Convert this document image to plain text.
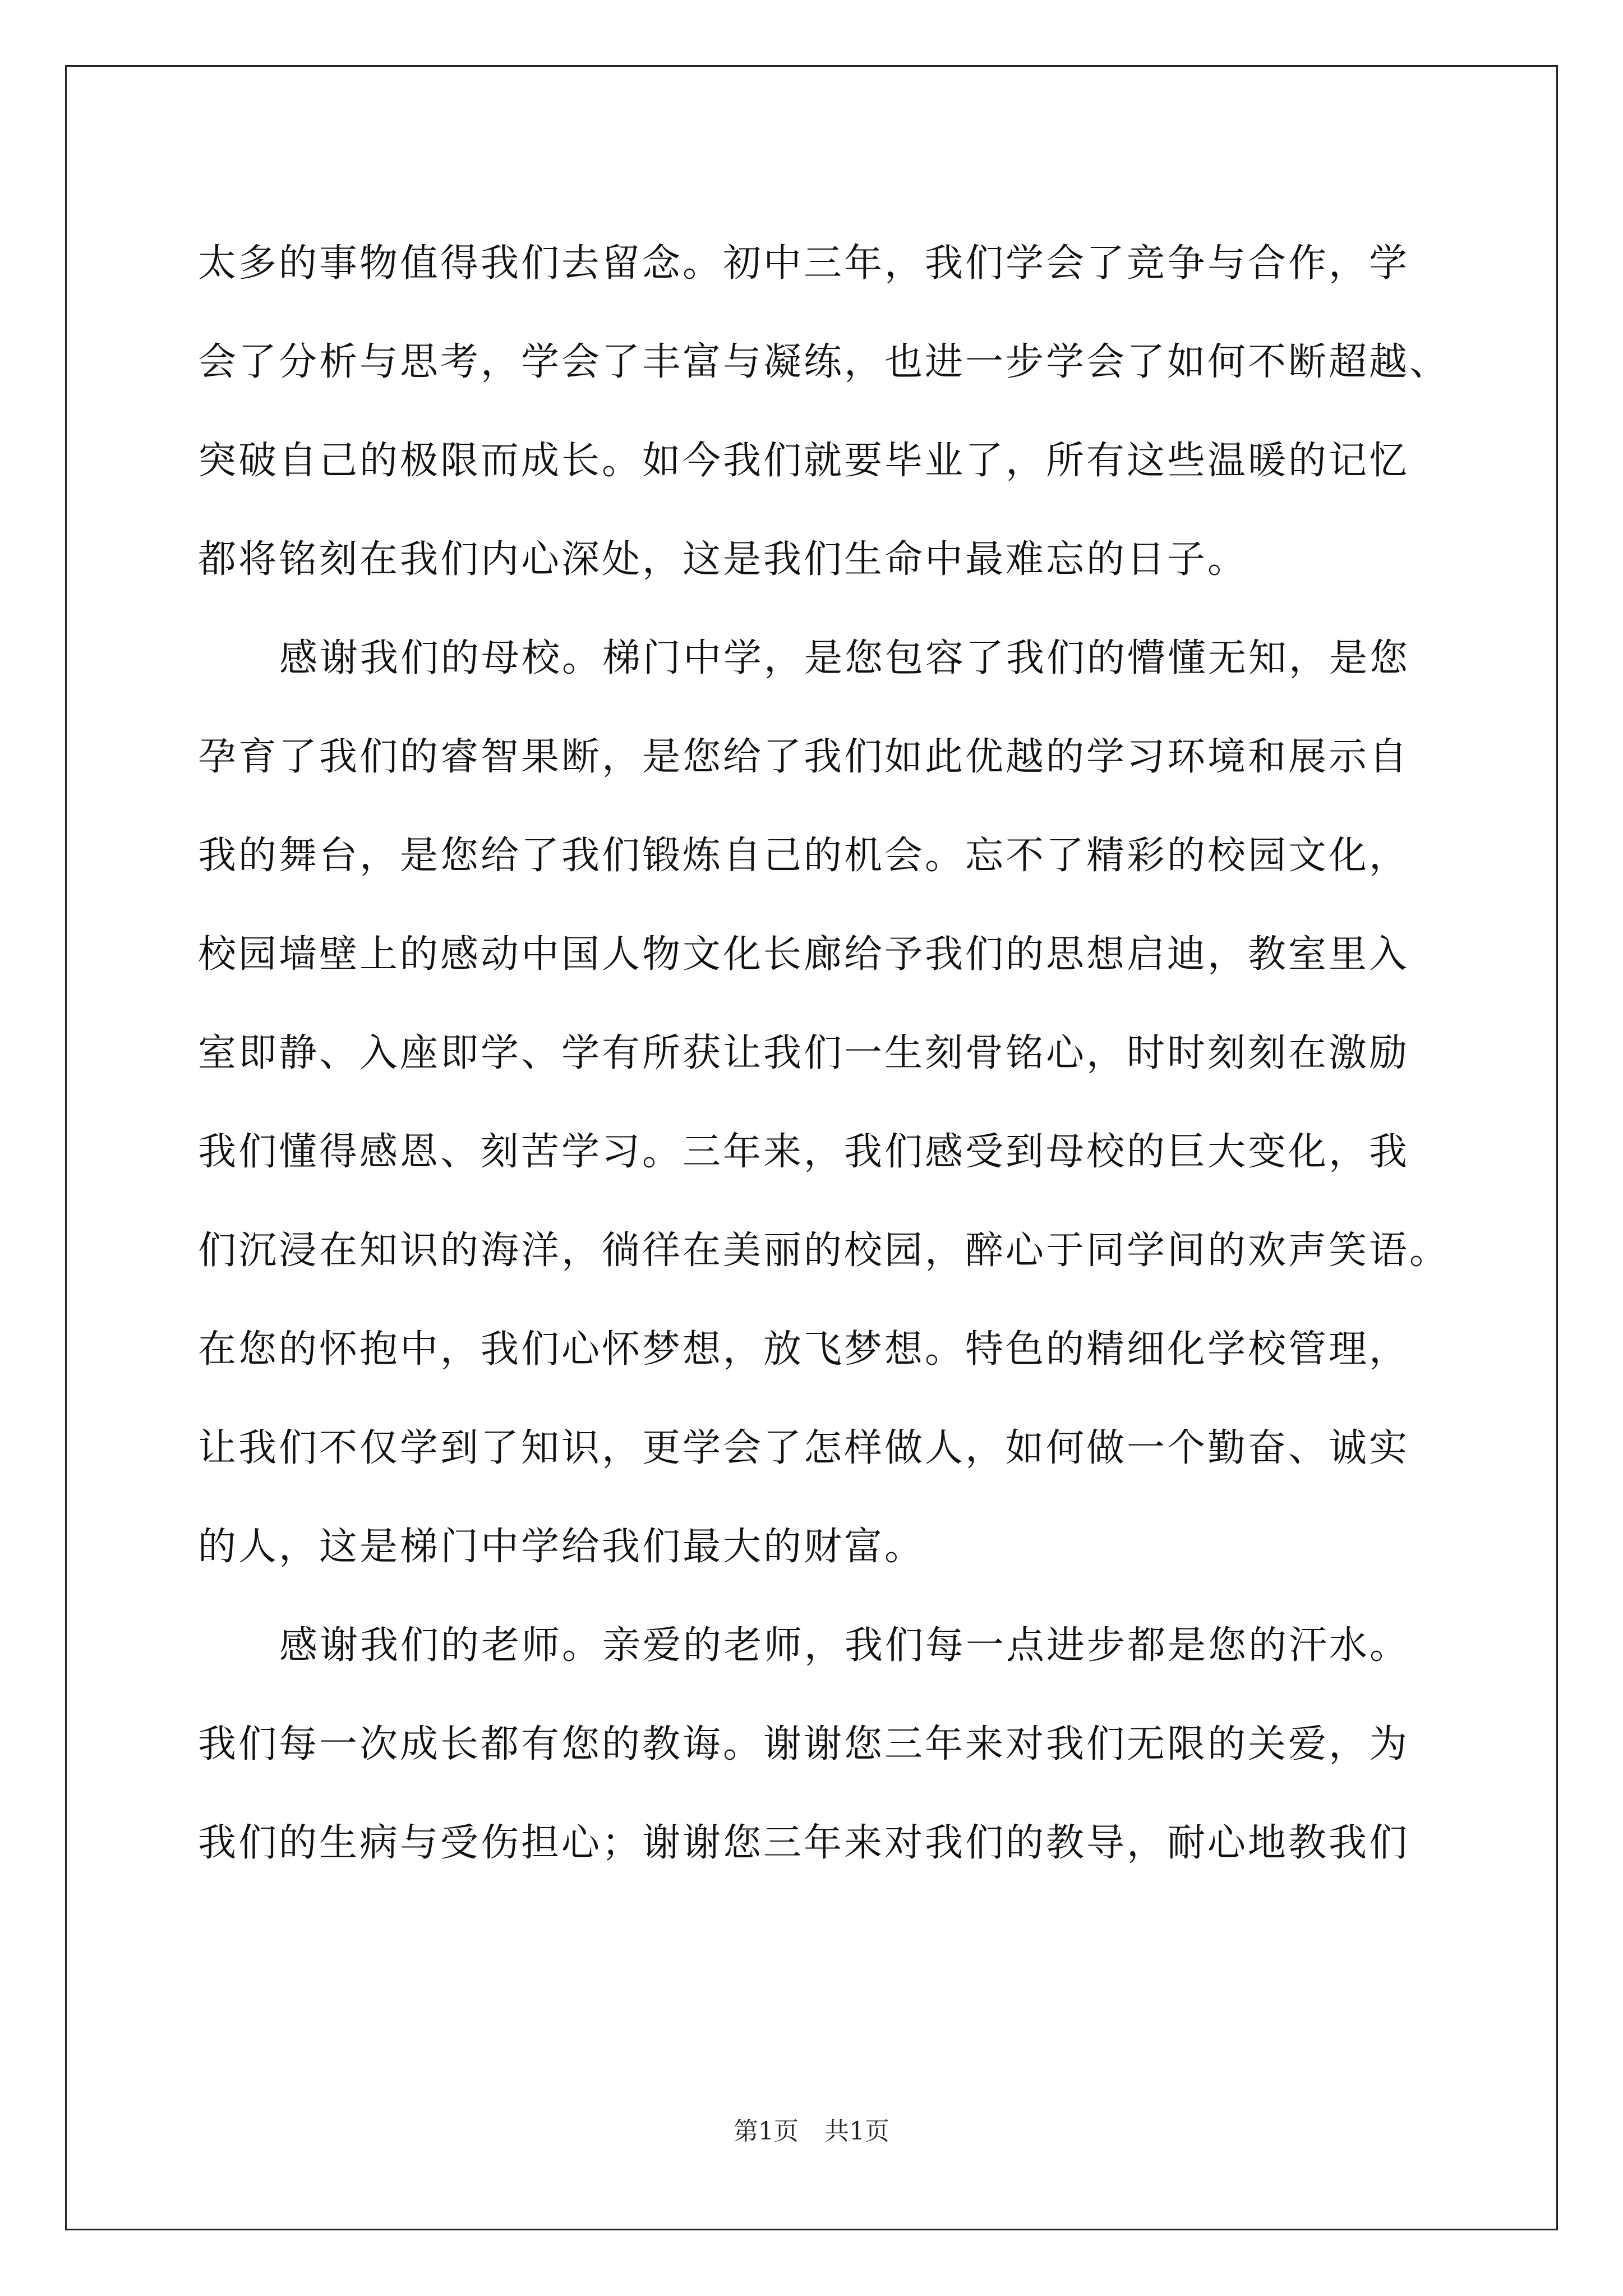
太多的事物值得我们去留念。初中三年，我们学会了竞争与合作，学
会了分析与思考，学会了丰富与凝练，也进一步学会了如何不断超越、
突破自己的极限而成长。如今我们就要毕业了，所有这些温暖的记忆
都将铭刻在我们内心深处，这是我们生命中最难忘的日子。
感谢我们的母校。梯门中学，是您包容了我们的懵懂无知，是您
孕育了我们的睿智果断，是您给了我们如此优越的学习环境和展示自
我的舞台，是您给了我们锻炼自己的机会。忘不了精彩的校园文化，
校园墙壁上的感动中国人物文化长廊给予我们的思想启迪，教室里入
室即静、入座即学、学有所获让我们一生刻骨铭心，时时刻刻在激励
我们懂得感恩、刻苦学习。三年来，我们感受到母校的巨大变化，我
们沉浸在知识的海洋，徜徉在美丽的校园，醉心于同学间的欢声笑语。
在您的怀抱中，我们心怀梦想，放飞梦想。特色的精细化学校管理，
让我们不仅学到了知识，更学会了怎样做人，如何做一个勤奋、诚实
的人，这是梯门中学给我们最大的财富。
感谢我们的老师。亲爱的老师，我们每一点进步都是您的汗水。
我们每一次成长都有您的教诲。谢谢您三年来对我们无限的关爱，为
我们的生病与受伤担心；谢谢您三年来对我们的教导，耐心地教我们
第1页 共1页
